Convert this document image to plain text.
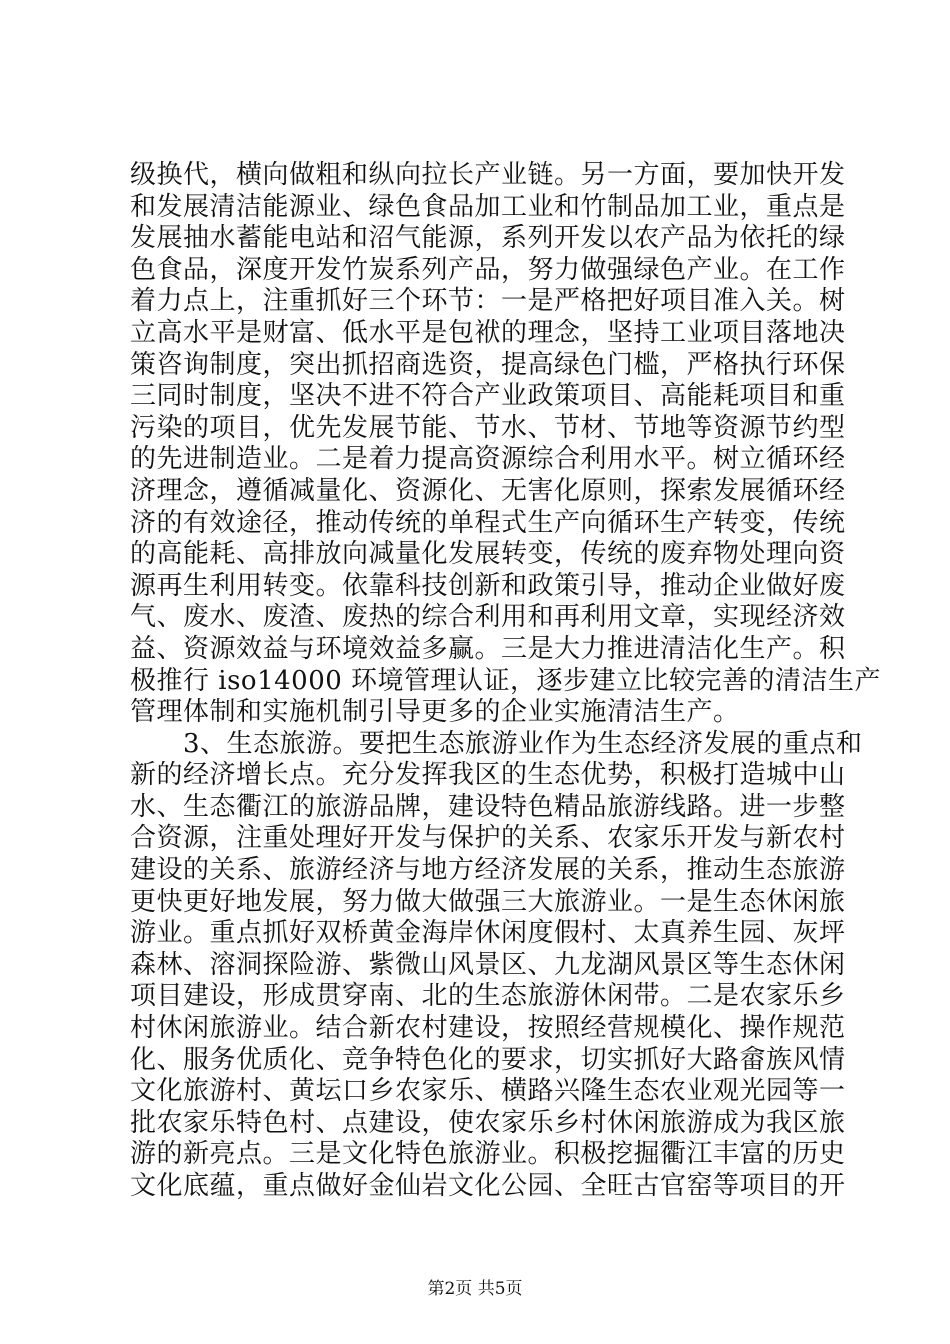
级换代，横向做粗和纵向拉长产业链。另一方面，要加快开发
和发展清洁能源业、绿色食品加工业和竹制品加工业，重点是
发展抽水蓄能电站和沼气能源，系列开发以农产品为依托的绿
色食品，深度开发竹炭系列产品，努力做强绿色产业。在工作
着力点上，注重抓好三个环节：一是严格把好项目准入关。树
立高水平是财富、低水平是包袱的理念，坚持工业项目落地决
策咨询制度，突出抓招商选资，提高绿色门槛，严格执行环保
三同时制度，坚决不进不符合产业政策项目、高能耗项目和重
污染的项目，优先发展节能、节水、节材、节地等资源节约型
的先进制造业。二是着力提高资源综合利用水平。树立循环经
济理念，遵循减量化、资源化、无害化原则，探索发展循环经
济的有效途径，推动传统的单程式生产向循环生产转变，传统
的高能耗、高排放向减量化发展转变，传统的废弃物处理向资
源再生利用转变。依靠科技创新和政策引导，推动企业做好废
气、废水、废渣、废热的综合利用和再利用文章，实现经济效
益、资源效益与环境效益多赢。三是大力推进清洁化生产。积
极推行 iso14000 环境管理认证，逐步建立比较完善的清洁生产
管理体制和实施机制引导更多的企业实施清洁生产。
　　3、生态旅游。要把生态旅游业作为生态经济发展的重点和
新的经济增长点。充分发挥我区的生态优势，积极打造城中山
水、生态衢江的旅游品牌，建设特色精品旅游线路。进一步整
合资源，注重处理好开发与保护的关系、农家乐开发与新农村
建设的关系、旅游经济与地方经济发展的关系，推动生态旅游
更快更好地发展，努力做大做强三大旅游业。一是生态休闲旅
游业。重点抓好双桥黄金海岸休闲度假村、太真养生园、灰坪
森林、溶洞探险游、紫微山风景区、九龙湖风景区等生态休闲
项目建设，形成贯穿南、北的生态旅游休闲带。二是农家乐乡
村休闲旅游业。结合新农村建设，按照经营规模化、操作规范
化、服务优质化、竞争特色化的要求，切实抓好大路畲族风情
文化旅游村、黄坛口乡农家乐、横路兴隆生态农业观光园等一
批农家乐特色村、点建设，使农家乐乡村休闲旅游成为我区旅
游的新亮点。三是文化特色旅游业。积极挖掘衢江丰富的历史
文化底蕴，重点做好金仙岩文化公园、全旺古官窑等项目的开
第2页 共5页
